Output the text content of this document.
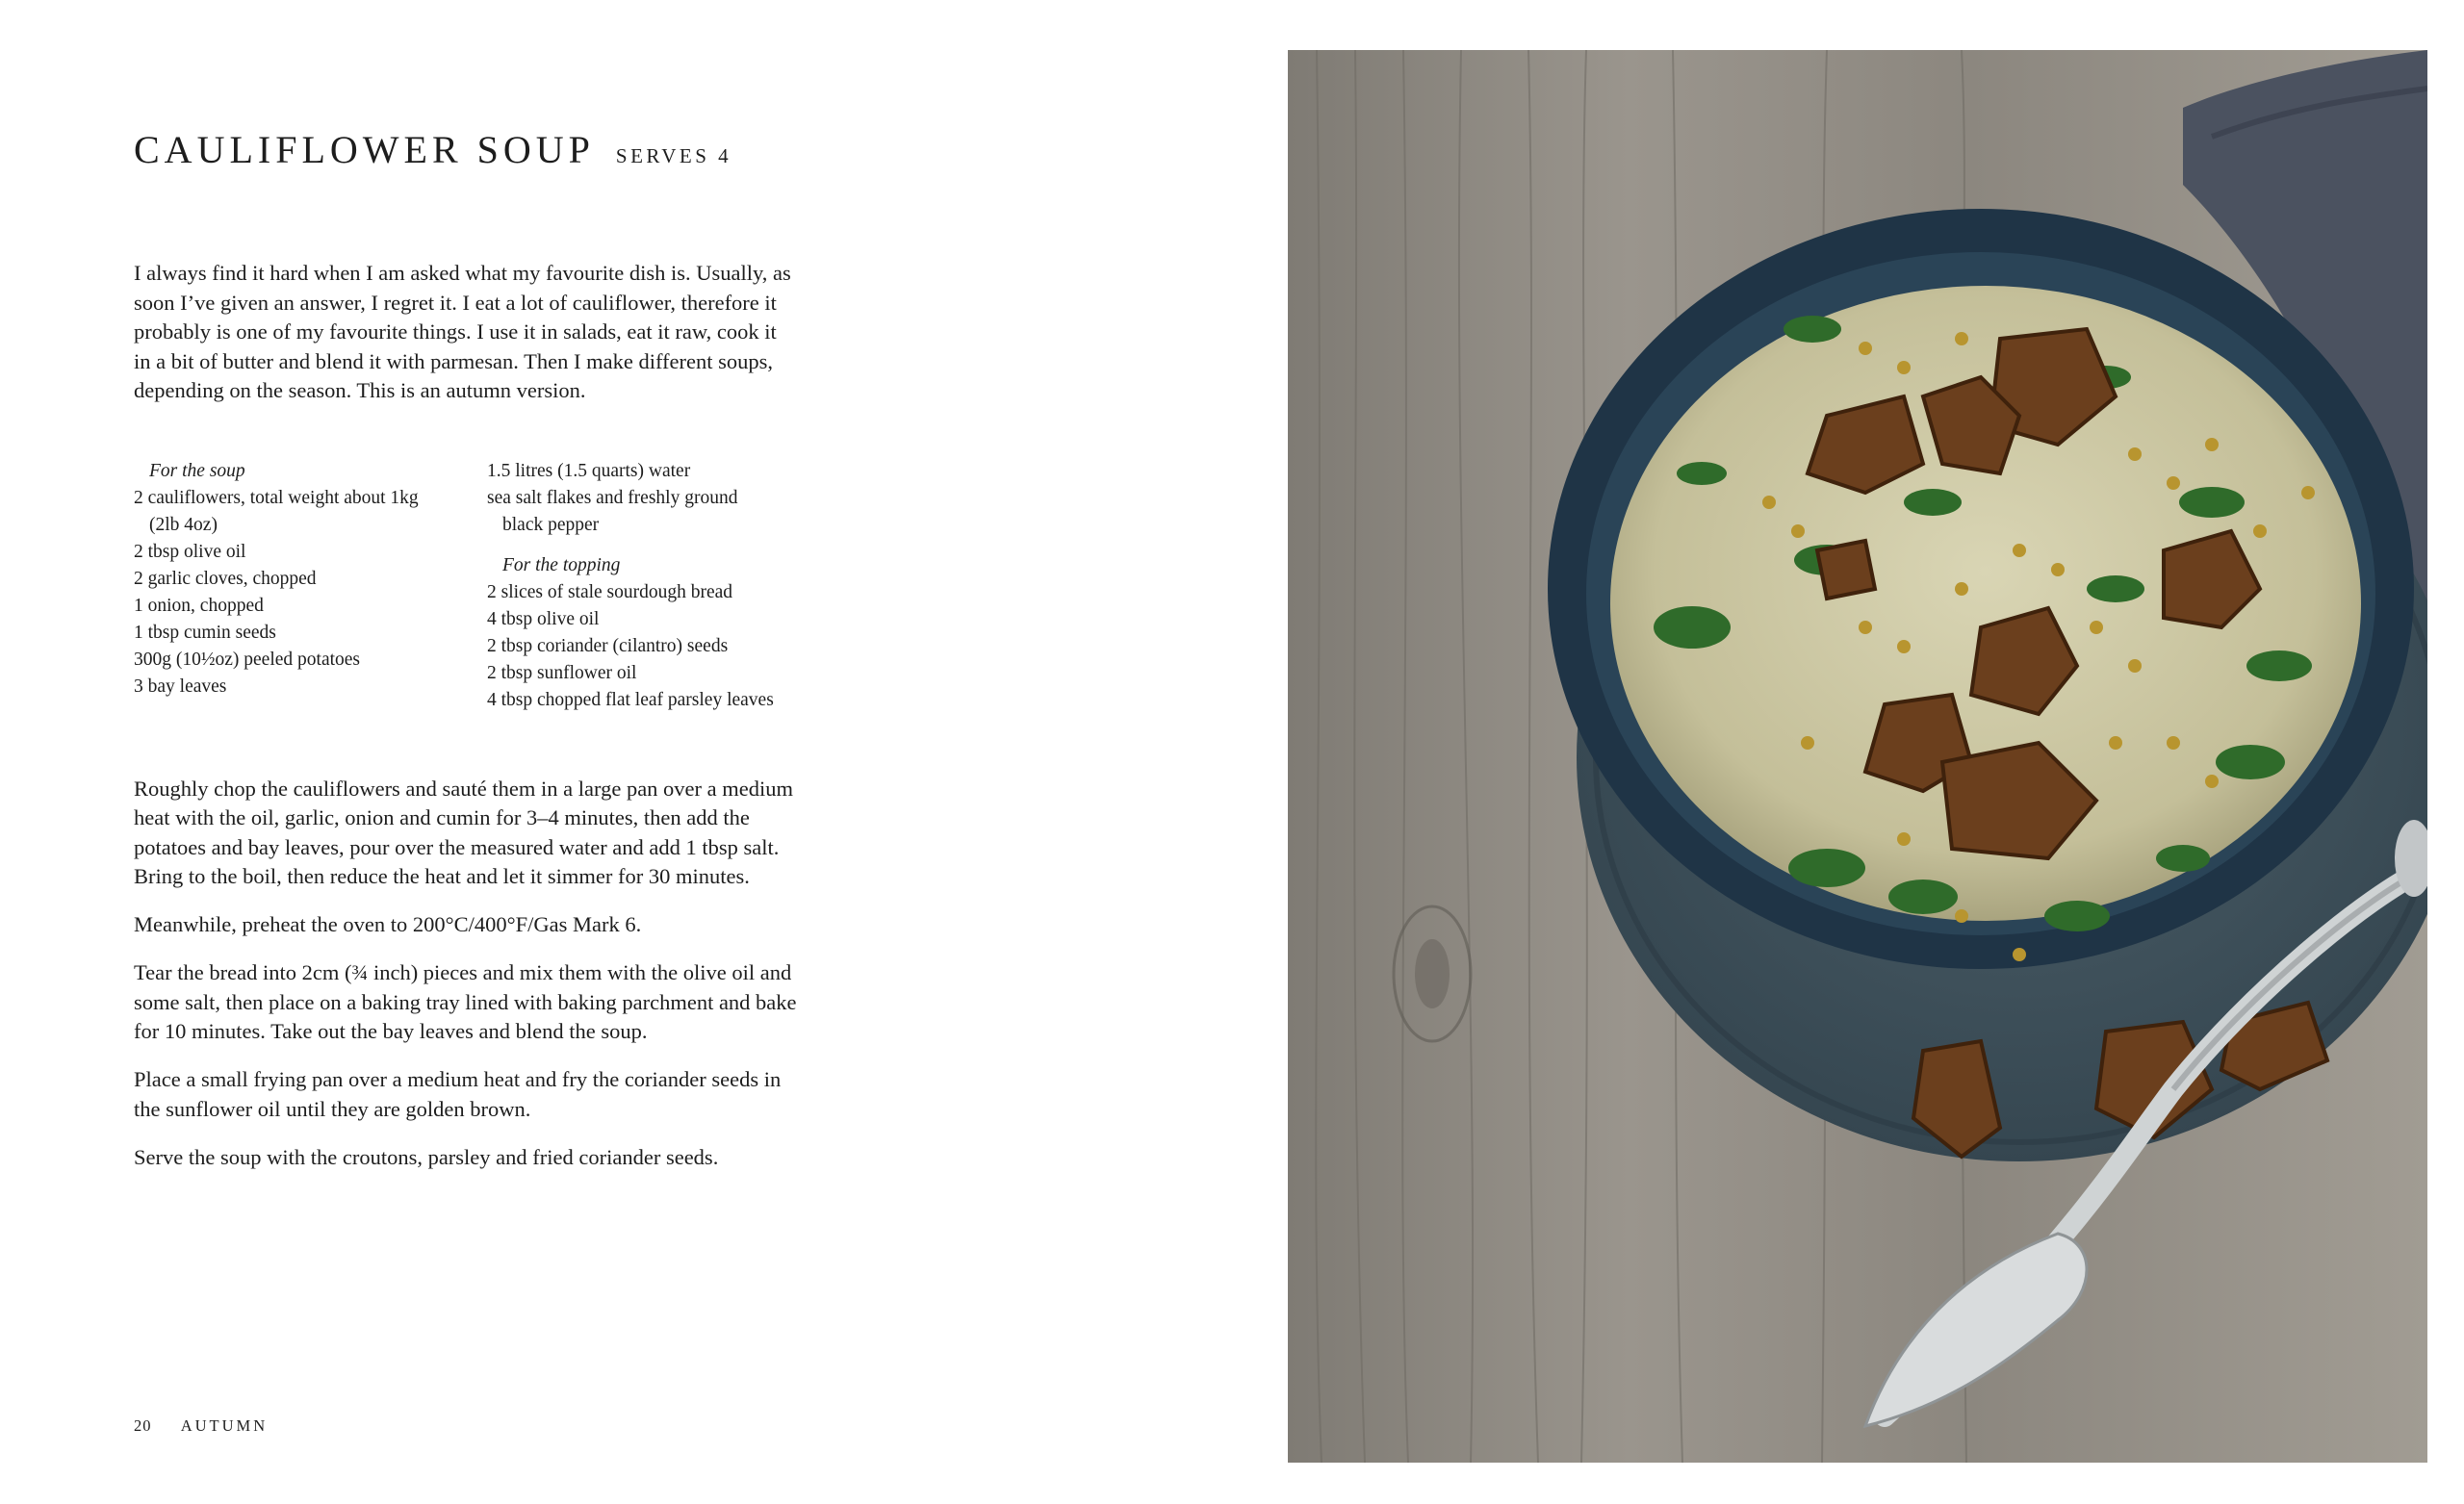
CAULIFLOWER SOUP SERVES 4

I always find it hard when I am asked what my favourite dish is. Usually, as soon I’ve given an answer, I regret it. I eat a lot of cauliflower, therefore it probably is one of my favourite things. I use it in salads, eat it raw, cook it in a bit of butter and blend it with parmesan. Then I make different soups, depending on the season. This is an autumn version.

For the soup
2 cauliflowers, total weight about 1kg
(2lb 4oz)
2 tbsp olive oil
2 garlic cloves, chopped
1 onion, chopped
1 tbsp cumin seeds
300g (10½oz) peeled potatoes
3 bay leaves
1.5 litres (1.5 quarts) water
sea salt flakes and freshly ground
black pepper
For the topping
2 slices of stale sourdough bread
4 tbsp olive oil
2 tbsp coriander (cilantro) seeds
2 tbsp sunflower oil
4 tbsp chopped flat leaf parsley leaves

Roughly chop the cauliflowers and sauté them in a large pan over a medium heat with the oil, garlic, onion and cumin for 3–4 minutes, then add the potatoes and bay leaves, pour over the measured water and add 1 tbsp salt. Bring to the boil, then reduce the heat and let it simmer for 30 minutes.

Meanwhile, preheat the oven to 200°C/400°F/Gas Mark 6.

Tear the bread into 2cm (¾ inch) pieces and mix them with the olive oil and some salt, then place on a baking tray lined with baking parchment and bake for 10 minutes. Take out the bay leaves and blend the soup.

Place a small frying pan over a medium heat and fry the coriander seeds in the sunflower oil until they are golden brown.

Serve the soup with the croutons, parsley and fried coriander seeds.

20 AUTUMN
